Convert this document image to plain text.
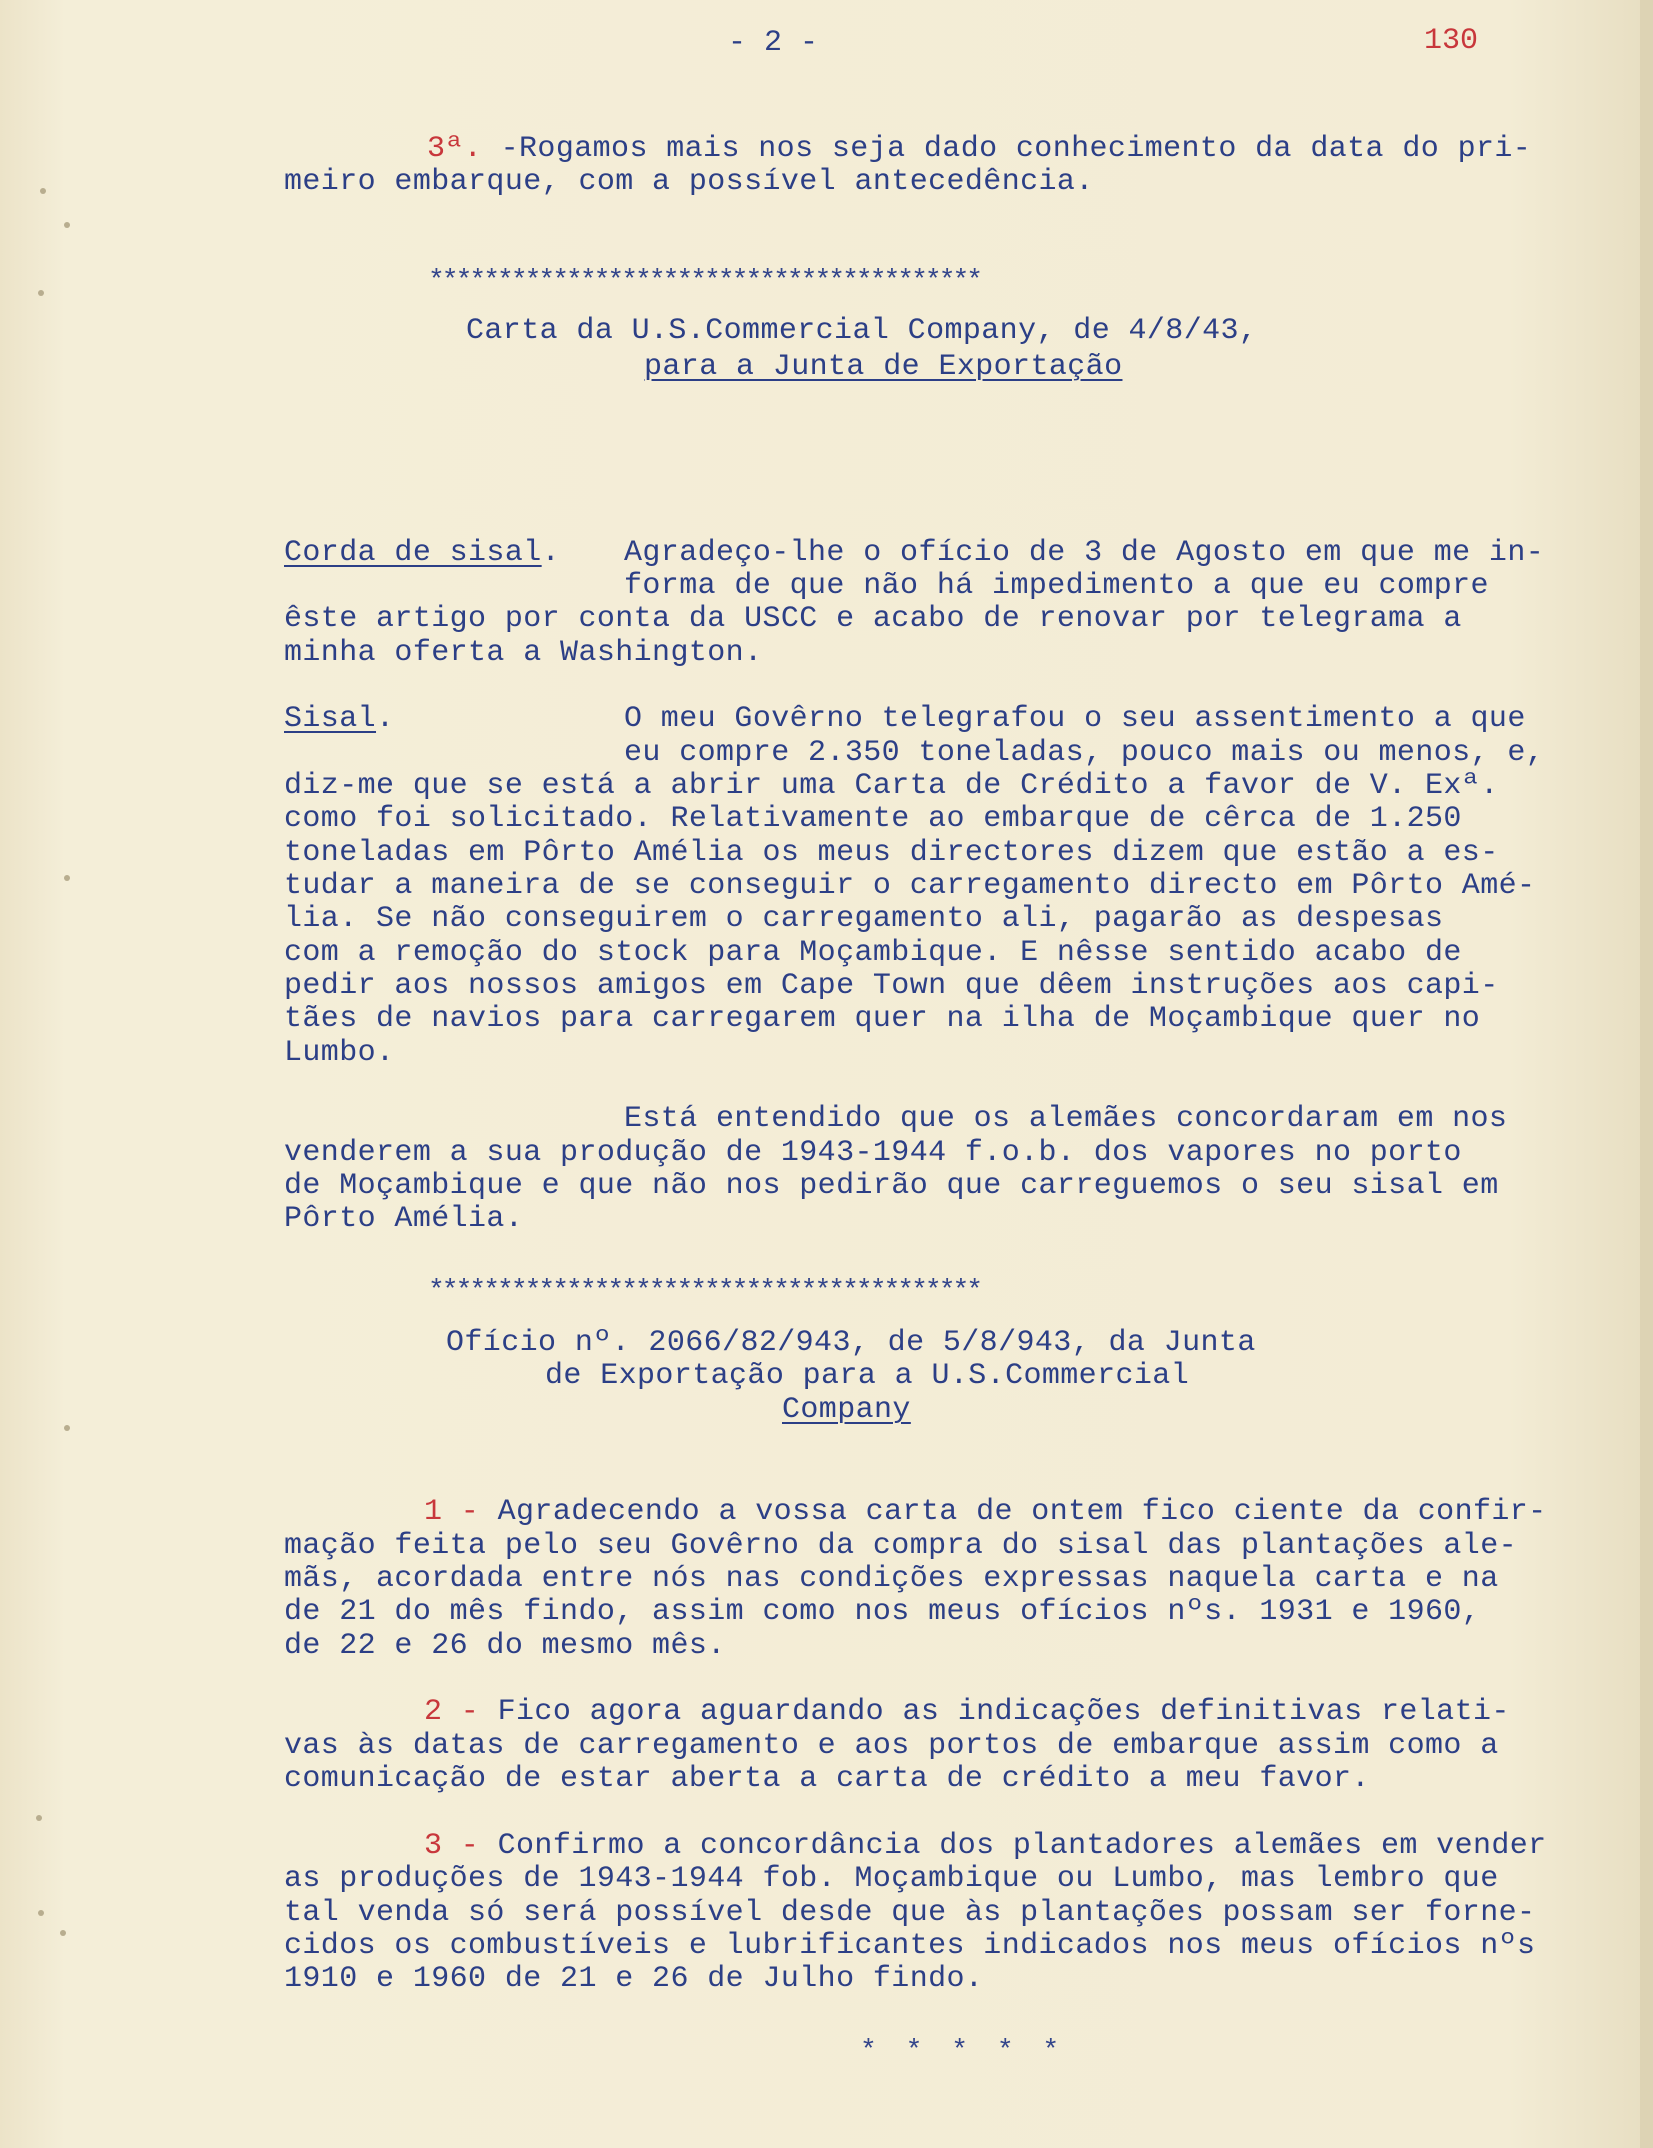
- 2 -	130
3ª. -Rogamos mais nos seja dado conhecimento da data do pri-
meiro embarque, com a possível antecedência.
****************************************
Carta da U.S.Commercial Company, de 4/8/43,
para a Junta de Exportação
Corda de sisal. Agradeço-lhe o ofício de 3 de Agosto em que me in-
forma de que não há impedimento a que eu compre
êste artigo por conta da USCC e acabo de renovar por telegrama a
minha oferta a Washington.
Sisal.	O meu Govêrno telegrafou o seu assentimento a que
eu compre 2.350 toneladas, pouco mais ou menos, e,
diz-me que se está a abrir uma Carta de Crédito a favor de V. Exª.
como foi solicitado. Relativamente ao embarque de cêrca de 1.250
toneladas em Pôrto Amélia os meus directores dizem que estão a es-
tudar a maneira de se conseguir o carregamento directo em Pôrto Amé-
lia. Se não conseguirem o carregamento ali, pagarão as despesas
com a remoção do stock para Moçambique. E nêsse sentido acabo de
pedir aos nossos amigos em Cape Town que dêem instruções aos capi-
tães de navios para carregarem quer na ilha de Moçambique quer no
Lumbo.
Está entendido que os alemães concordaram em nos
venderem a sua produção de 1943-1944 f.o.b. dos vapores no porto
de Moçambique e que não nos pedirão que carreguemos o seu sisal em
Pôrto Amélia.
****************************************
Ofício nº. 2066/82/943, de 5/8/943, da Junta
de Exportação para a U.S.Commercial
Company
1 - Agradecendo a vossa carta de ontem fico ciente da confir-
mação feita pelo seu Govêrno da compra do sisal das plantações ale-
mãs, acordada entre nós nas condições expressas naquela carta e na
de 21 do mês findo, assim como nos meus ofícios nºs. 1931 e 1960,
de 22 e 26 do mesmo mês.
2 - Fico agora aguardando as indicações definitivas relati-
vas às datas de carregamento e aos portos de embarque assim como a
comunicação de estar aberta a carta de crédito a meu favor.
3 - Confirmo a concordância dos plantadores alemães em vender
as produções de 1943-1944 fob. Moçambique ou Lumbo, mas lembro que
tal venda só será possível desde que às plantações possam ser forne-
cidos os combustíveis e lubrificantes indicados nos meus ofícios nºs
1910 e 1960 de 21 e 26 de Julho findo.
* * * * *
